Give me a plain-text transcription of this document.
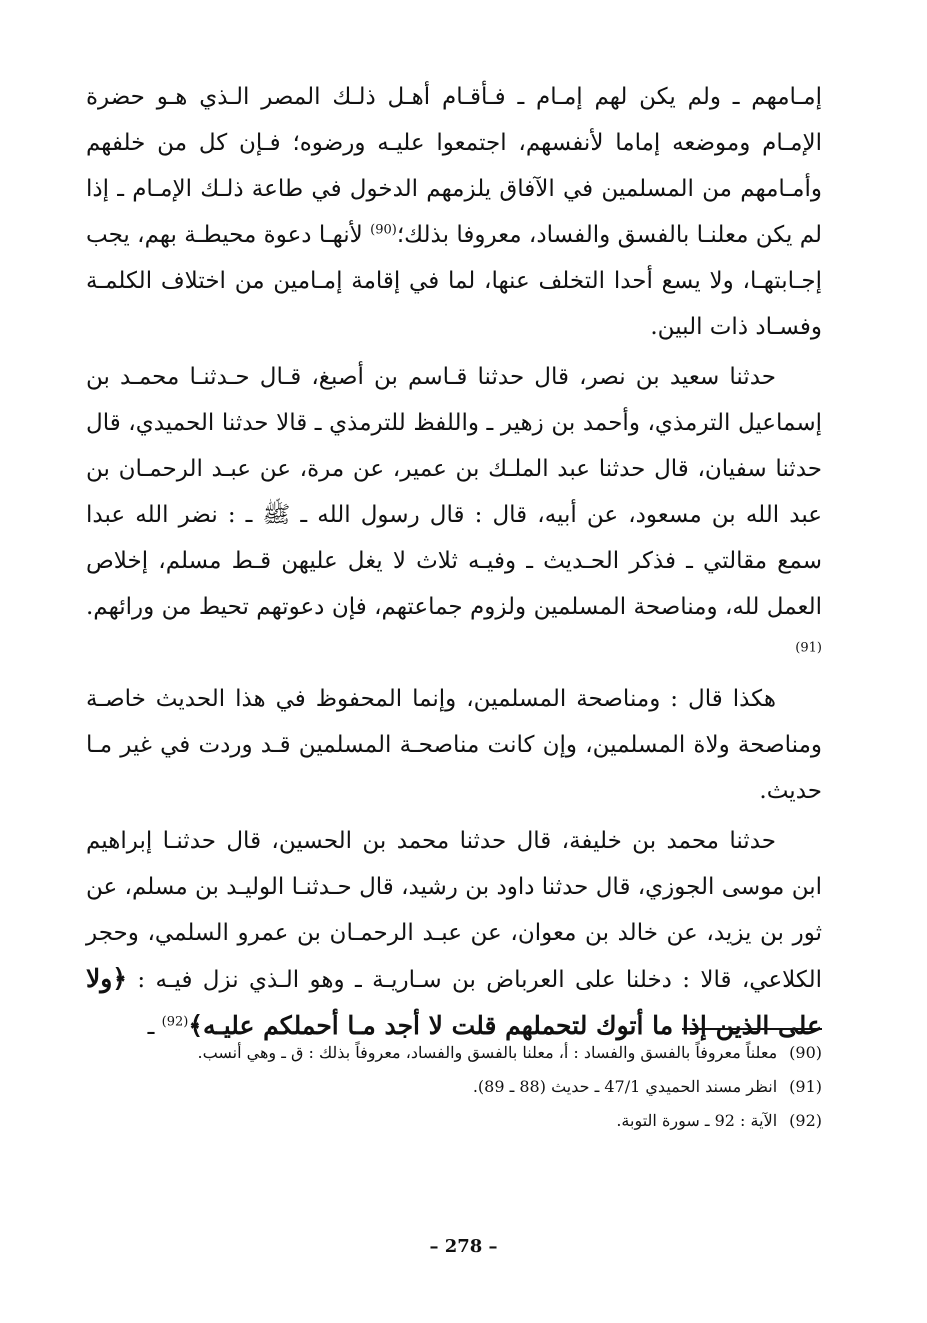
إمـامهم ـ ولم يكن لهم إمـام ـ فـأقـام أهـل ذلـك المصر الـذي هـو حضرة الإمـام وموضعه إماما لأنفسهم، اجتمعوا عليـه ورضوه؛ فـإن كل من خلفهم وأمـامهم من المسلمين في الآفاق يلزمهم الدخول في طاعة ذلـك الإمـام ـ إذا لم يكن معلنـا بالفسق والفساد، معروفا بذلك؛$^{(90)}$ لأنهـا دعوة محيطـة بهم، يجب إجـابتهـا، ولا يسع أحدا التخلف عنها، لما في إقامة إمـامين من اختلاف الكلمـة وفسـاد ذات البين.

حدثنا سعيد بن نصر، قال حدثنا قـاسم بن أصبغ، قـال حـدثنـا محمـد بن إسماعيل الترمذي، وأحمد بن زهير ـ واللفظ للترمذي ـ قالا حدثنا الحميدي، قال حدثنا سفيان، قال حدثنا عبد الملـك بن عمير، عن مرة، عن عبـد الرحمـان بن عبد الله بن مسعود، عن أبيه، قال : قال رسول الله ـ ﷺ ـ : نضر الله عبدا سمع مقالتي ـ فذكر الحـديث ـ وفيـه ثلاث لا يغل عليهن قـط مسلم، إخلاص العمل لله، ومناصحة المسلمين ولزوم جماعتهم، فإن دعوتهم تحيط من ورائهم.$^{(91)}$

هكذا قال : ومناصحة المسلمين، وإنما المحفوظ في هذا الحديث خاصـة ومناصحة ولاة المسلمين، وإن كانت مناصحـة المسلمين قـد وردت في غير مـا حديث.

حدثنا محمد بن خليفة، قال حدثنا محمد بن الحسين، قال حدثنـا إبراهيم ابن موسى الجوزي، قال حدثنا داود بن رشيد، قال حـدثنـا الوليـد بن مسلم، عن ثور بن يزيد، عن خالد بن معوان، عن عبـد الرحمـان بن عمرو السلمي، وحجر الكلاعي، قالا : دخلنا على العرباض بن سـاريـة ـ وهو الـذي نزل فيـه : ﴿ولا على الذين إذا ما أتوك لتحملهم قلت لا أجد مـا أحملكم عليـه﴾$^{(92)}$ ـ

(90)معلناً معروفاً بالفسق والفساد : أ، معلنا بالفسق والفساد، معروفاً بذلك : ق ـ وهي أنسب.

(91)انظر مسند الحميدي 47/1 ـ حديث (88 ـ 89).

(92)الآية : 92 ـ سورة التوبة.

– 278 –
